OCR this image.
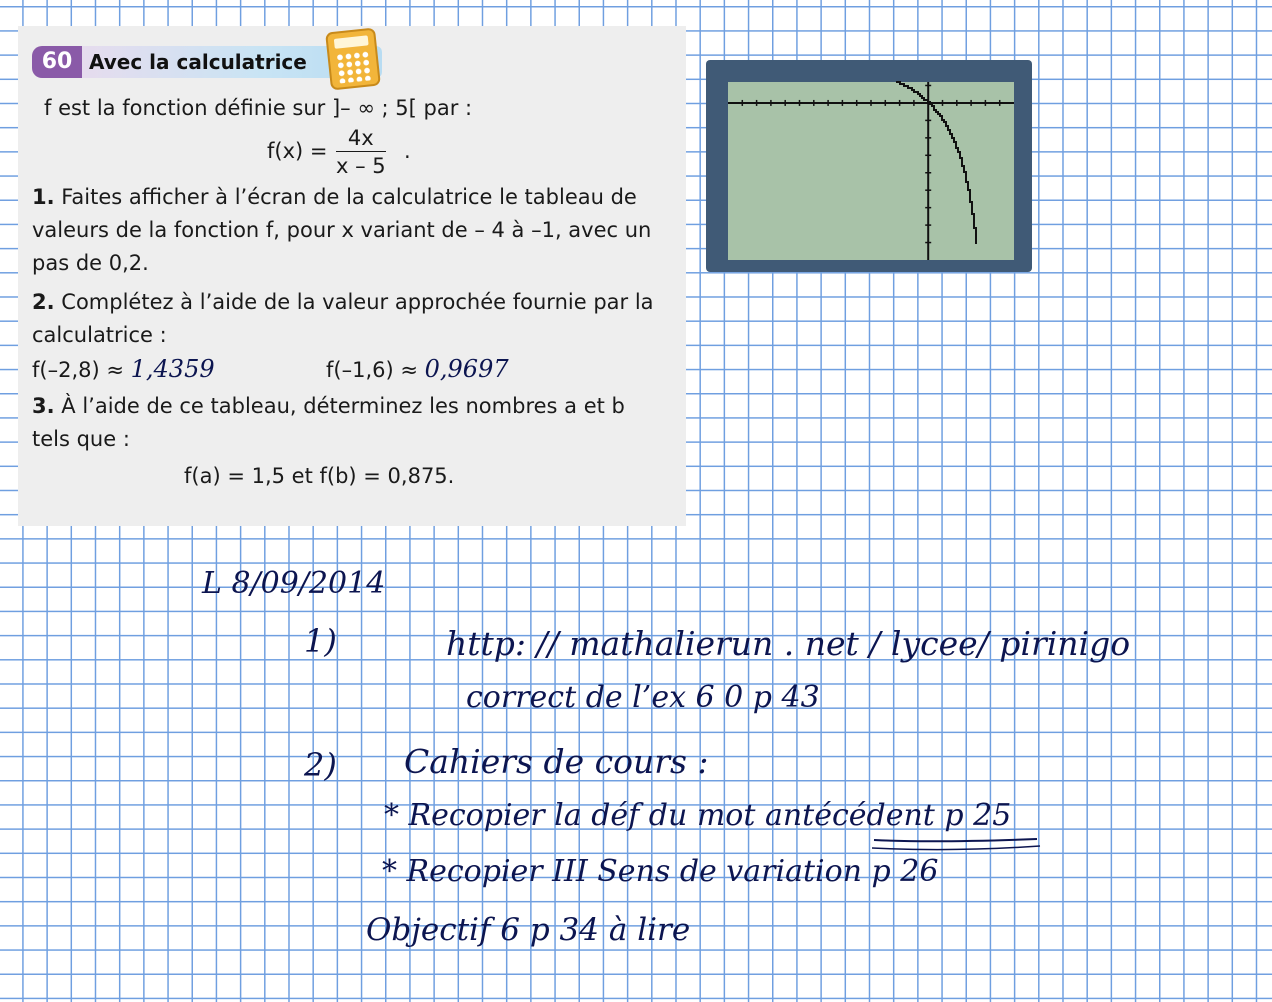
60 Avec la calculatrice

f est la fonction définie sur ]– ∞ ; 5[ par :

$f(x) = \frac{4x}{x - 5}$ .

1. Faites afficher à l’écran de la calculatrice le tableau de valeurs de la fonction f, pour x variant de – 4 à –1, avec un pas de 0,2.

2. Complétez à l’aide de la valeur approchée fournie par la calculatrice :

f(–2,8) ≈ 1,4359	f(–1,6) ≈ 0,9697

3. À l’aide de ce tableau, déterminez les nombres a et b tels que :

f(a) = 1,5 et f(b) = 0,875.
L 8/09/2014
1)	http: // mathalierun . net / lycee/ pirinigo
correct de l’ex 6 0 p 43
2) Cahiers de cours :
* Recopier la déf du mot antécédent p 25
* Recopier III Sens de variation p 26
Objectif 6 p 34 à lire
